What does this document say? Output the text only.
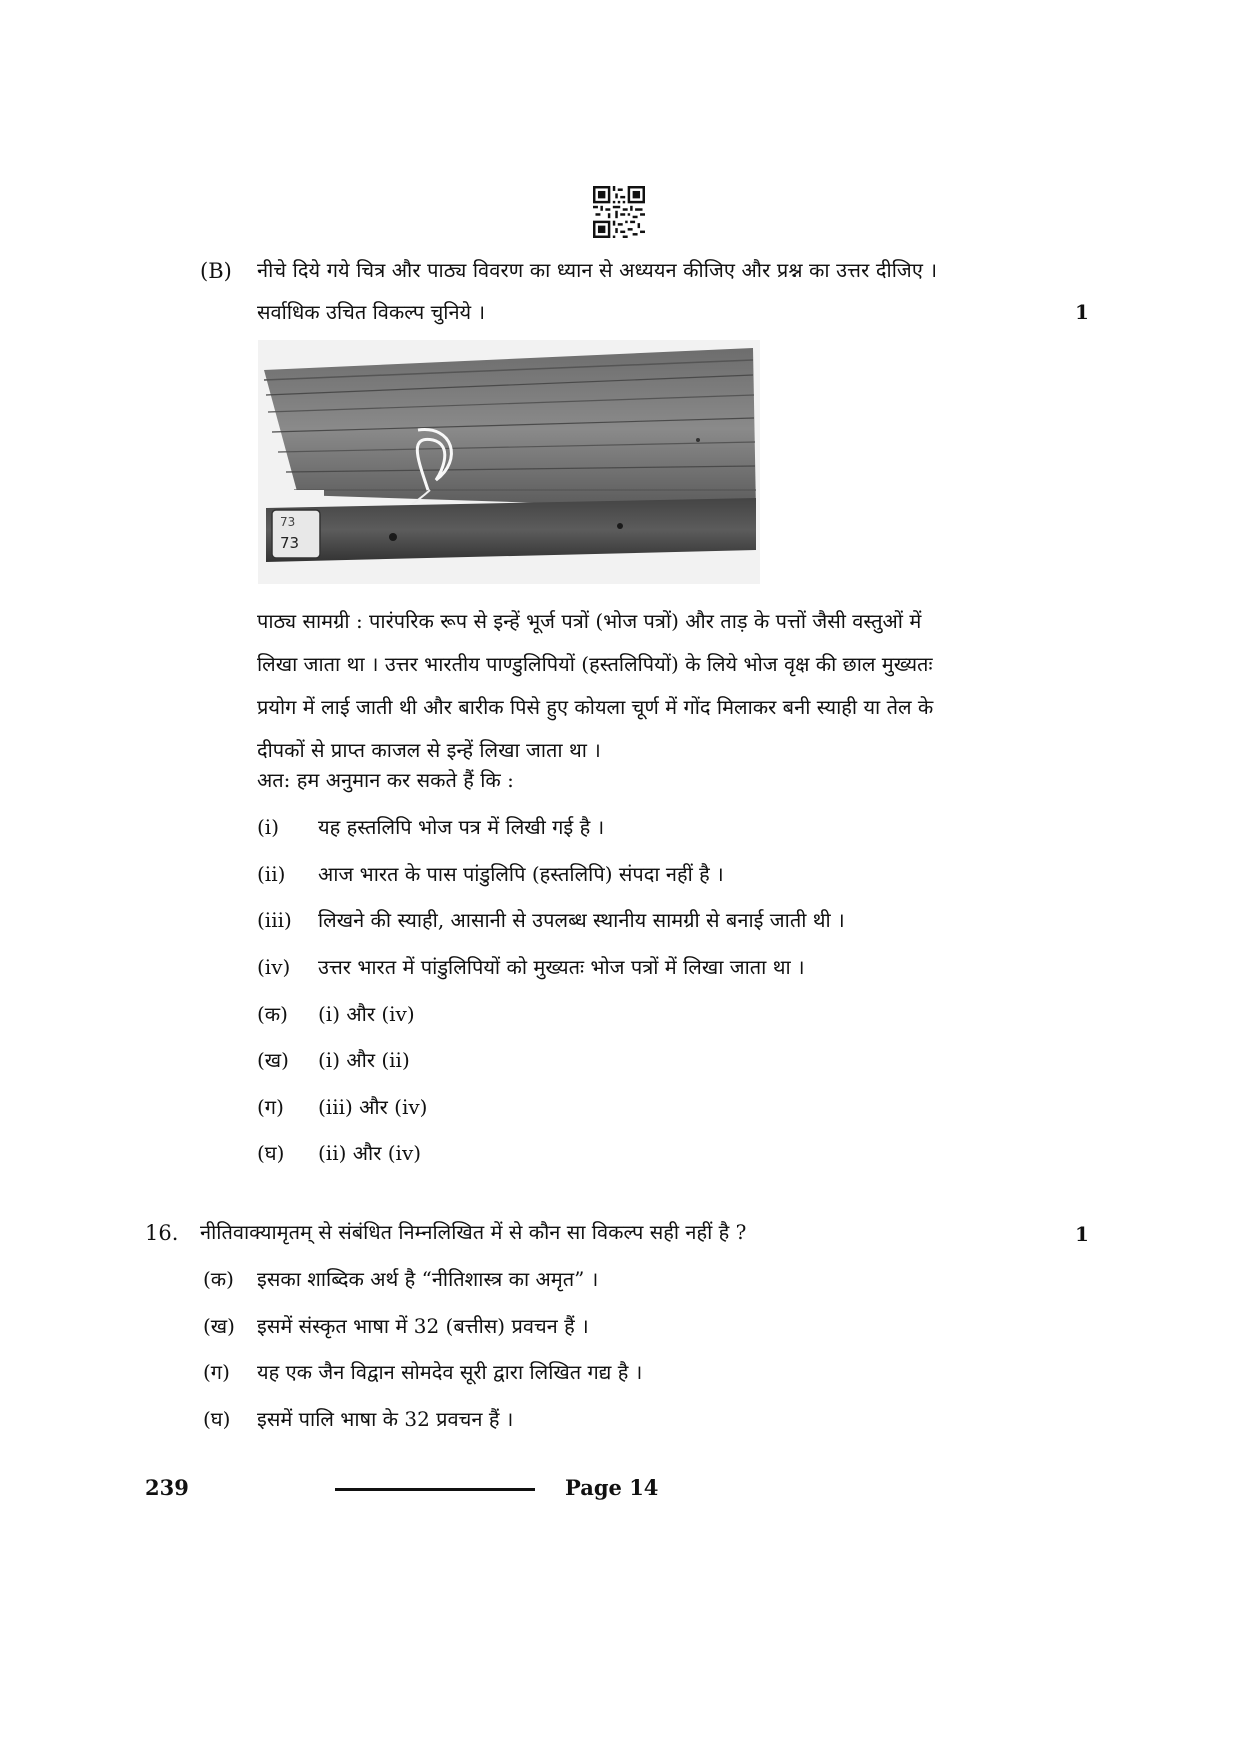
(B) नीचे दिये गये चित्र और पाठ्य विवरण का ध्यान से अध्ययन कीजिए और प्रश्न का उत्तर दीजिए ।
सर्वाधिक उचित विकल्प चुनिये ।	1
73
73
पाठ्य सामग्री : पारंपरिक रूप से इन्हें भूर्ज पत्रों (भोज पत्रों) और ताड़ के पत्तों जैसी वस्तुओं में
लिखा जाता था । उत्तर भारतीय पाण्डुलिपियों (हस्तलिपियों) के लिये भोज वृक्ष की छाल मुख्यतः
प्रयोग में लाई जाती थी और बारीक पिसे हुए कोयला चूर्ण में गोंद मिलाकर बनी स्याही या तेल के
दीपकों से प्राप्त काजल से इन्हें लिखा जाता था ।
अत: हम अनुमान कर सकते हैं कि :
(i) यह हस्तलिपि भोज पत्र में लिखी गई है ।
(ii) आज भारत के पास पांडुलिपि (हस्तलिपि) संपदा नहीं है ।
(iii) लिखने की स्याही, आसानी से उपलब्ध स्थानीय सामग्री से बनाई जाती थी ।
(iv) उत्तर भारत में पांडुलिपियों को मुख्यतः भोज पत्रों में लिखा जाता था ।
(क) (i) और (iv)
(ख) (i) और (ii)
(ग) (iii) और (iv)
(घ) (ii) और (iv)
16. नीतिवाक्यामृतम् से संबंधित निम्नलिखित में से कौन सा विकल्प सही नहीं है ?	1
(क) इसका शाब्दिक अर्थ है “नीतिशास्त्र का अमृत” ।
(ख) इसमें संस्कृत भाषा में 32 (बत्तीस) प्रवचन हैं ।
(ग) यह एक जैन विद्वान सोमदेव सूरी द्वारा लिखित गद्य है ।
(घ) इसमें पालि भाषा के 32 प्रवचन हैं ।
239	Page 14
